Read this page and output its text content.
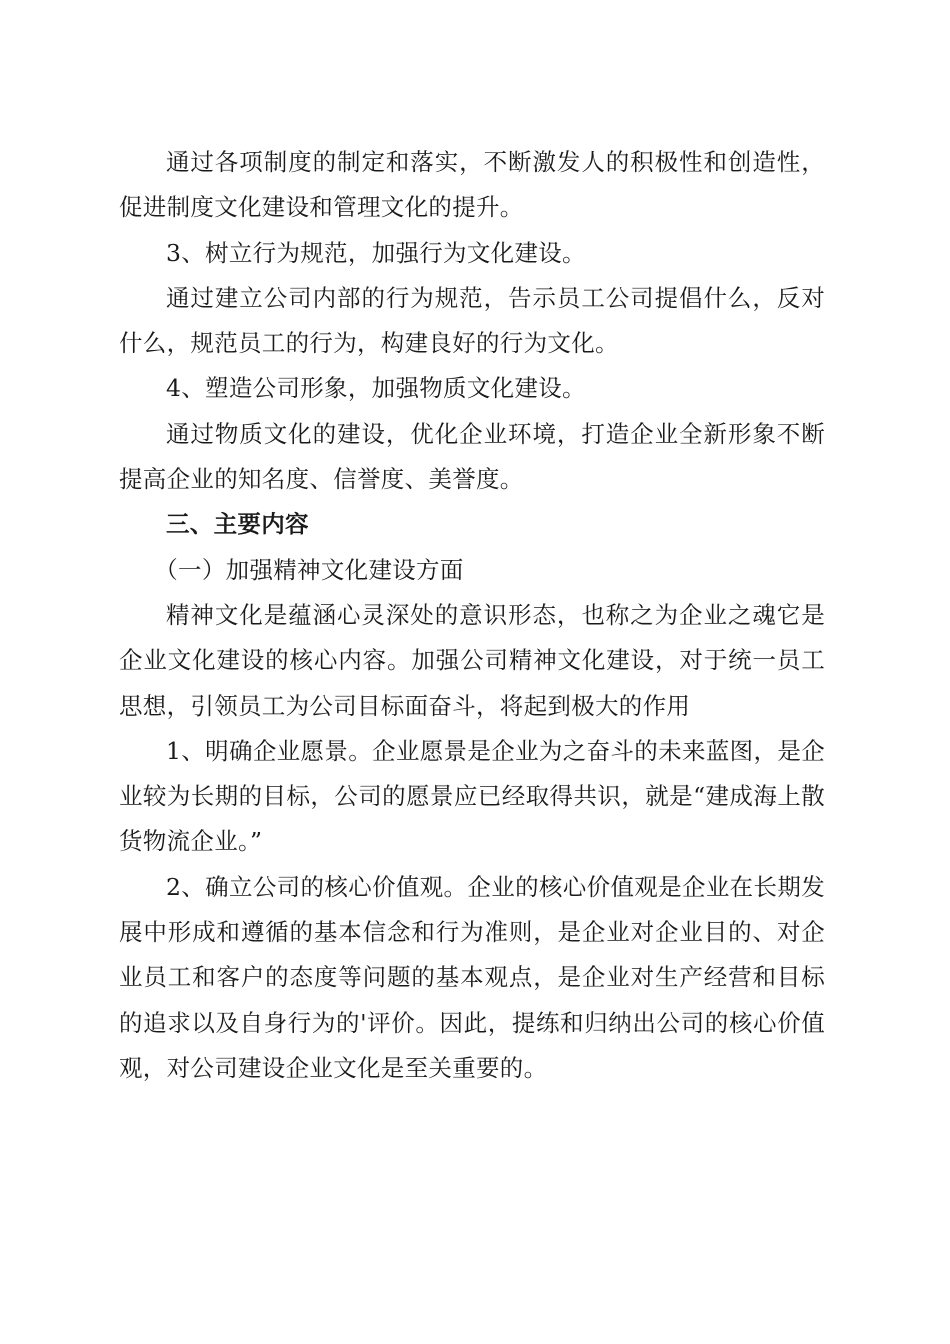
通过各项制度的制定和落实，不断激发人的积极性和创造性，促进制度文化建设和管理文化的提升。

3、树立行为规范，加强行为文化建设。

通过建立公司内部的行为规范，告示员工公司提倡什么，反对什么，规范员工的行为，构建良好的行为文化。

4、塑造公司形象，加强物质文化建设。

通过物质文化的建设，优化企业环境，打造企业全新形象不断提高企业的知名度、信誉度、美誉度。

三、主要内容

（一）加强精神文化建设方面

精神文化是蕴涵心灵深处的意识形态，也称之为企业之魂它是企业文化建设的核心内容。加强公司精神文化建设，对于统一员工思想，引领员工为公司目标面奋斗，将起到极大的作用

1、明确企业愿景。企业愿景是企业为之奋斗的未来蓝图，是企业较为长期的目标，公司的愿景应已经取得共识，就是“建成海上散货物流企业。”

2、确立公司的核心价值观。企业的核心价值观是企业在长期发展中形成和遵循的基本信念和行为准则，是企业对企业目的、对企业员工和客户的态度等问题的基本观点，是企业对生产经营和目标的追求以及自身行为的'评价。因此，提练和归纳出公司的核心价值观，对公司建设企业文化是至关重要的。
